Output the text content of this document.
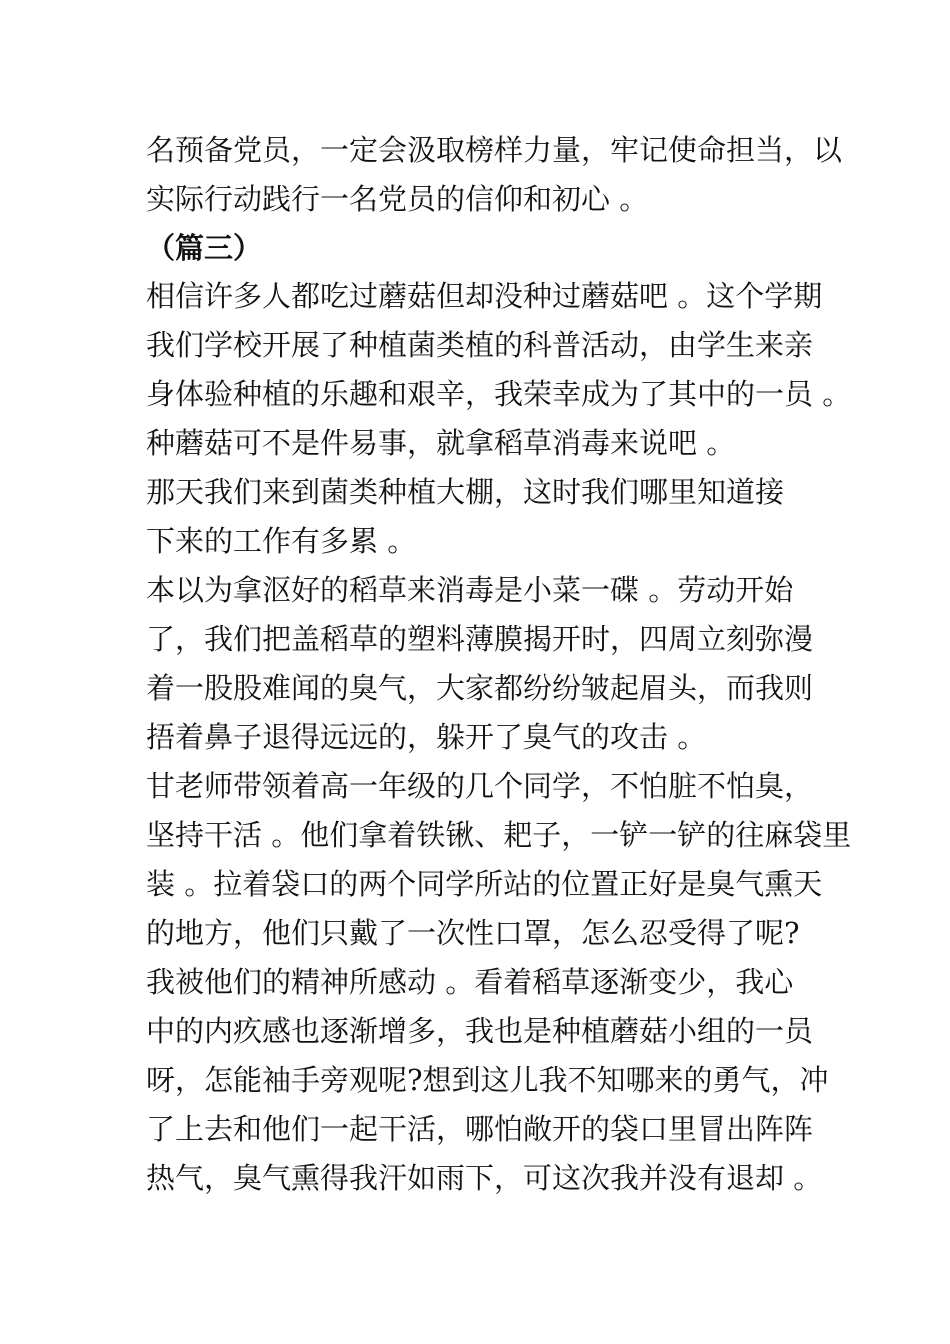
名预备党员，一定会汲取榜样力量，牢记使命担当，以
实际行动践行一名党员的信仰和初心 。
（篇三）
相信许多人都吃过蘑菇但却没种过蘑菇吧 。这个学期
我们学校开展了种植菌类植的科普活动，由学生来亲
身体验种植的乐趣和艰辛，我荣幸成为了其中的一员 。
种蘑菇可不是件易事，就拿稻草消毒来说吧 。
那天我们来到菌类种植大棚，这时我们哪里知道接
下来的工作有多累 。
本以为拿沤好的稻草来消毒是小菜一碟 。劳动开始
了，我们把盖稻草的塑料薄膜揭开时，四周立刻弥漫
着一股股难闻的臭气，大家都纷纷皱起眉头，而我则
捂着鼻子退得远远的，躲开了臭气的攻击 。
甘老师带领着高一年级的几个同学，不怕脏不怕臭，
坚持干活 。他们拿着铁锹、耙子，一铲一铲的往麻袋里
装 。拉着袋口的两个同学所站的位置正好是臭气熏天
的地方，他们只戴了一次性口罩，怎么忍受得了呢?
我被他们的精神所感动 。看着稻草逐渐变少，我心
中的内疚感也逐渐增多，我也是种植蘑菇小组的一员
呀，怎能袖手旁观呢?想到这儿我不知哪来的勇气，冲
了上去和他们一起干活，哪怕敞开的袋口里冒出阵阵
热气，臭气熏得我汗如雨下，可这次我并没有退却 。
